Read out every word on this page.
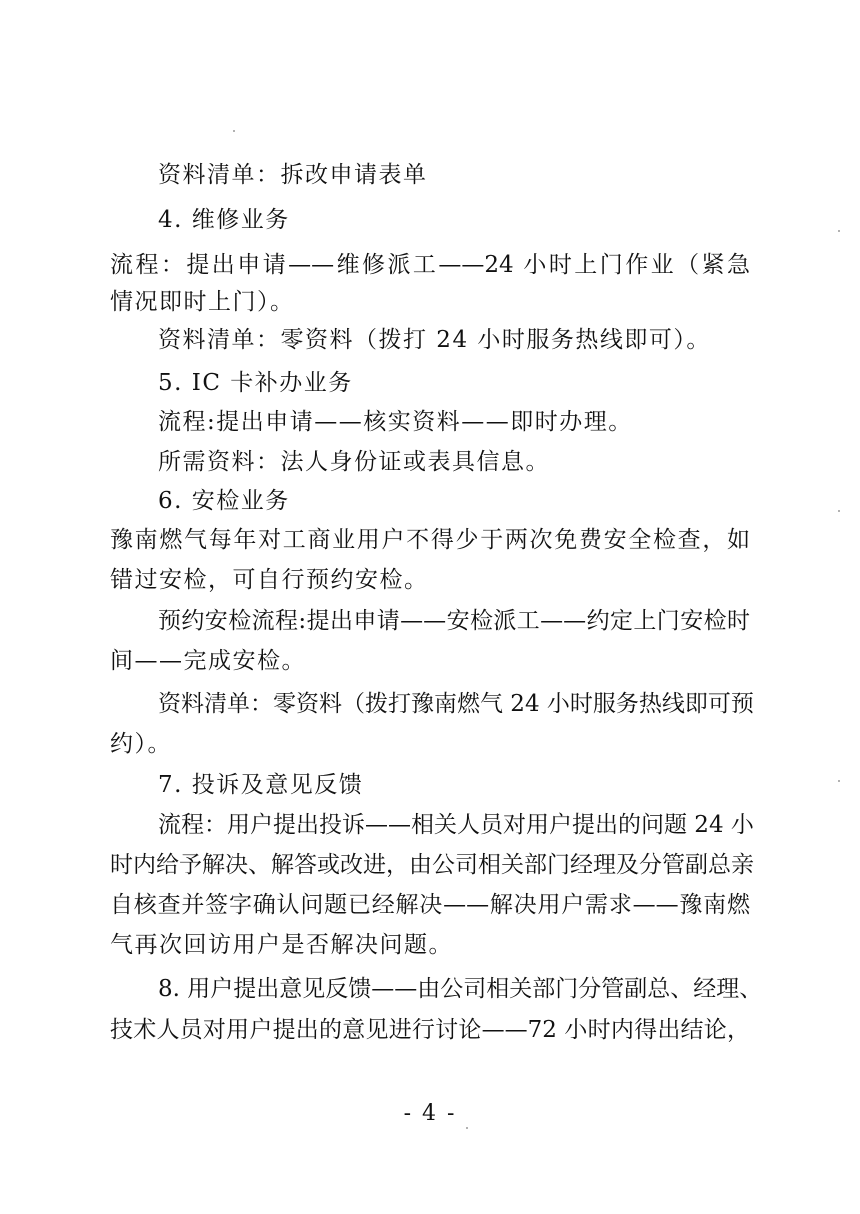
资料清单：拆改申请表单
4. 维修业务
流程：提出申请——维修派工——24 小时上门作业（紧急
情况即时上门）。
资料清单：零资料（拨打 24 小时服务热线即可）。
5. IC 卡补办业务
流程:提出申请——核实资料——即时办理。
所需资料：法人身份证或表具信息。
6. 安检业务
豫南燃气每年对工商业用户不得少于两次免费安全检查，如
错过安检，可自行预约安检。
预约安检流程:提出申请——安检派工——约定上门安检时
间——完成安检。
资料清单：零资料（拨打豫南燃气 24 小时服务热线即可预
约）。
7. 投诉及意见反馈
流程：用户提出投诉——相关人员对用户提出的问题 24 小
时内给予解决、解答或改进，由公司相关部门经理及分管副总亲
自核查并签字确认问题已经解决——解决用户需求——豫南燃
气再次回访用户是否解决问题。
8. 用户提出意见反馈——由公司相关部门分管副总、经理、
技术人员对用户提出的意见进行讨论——72 小时内得出结论，
- 4 -
